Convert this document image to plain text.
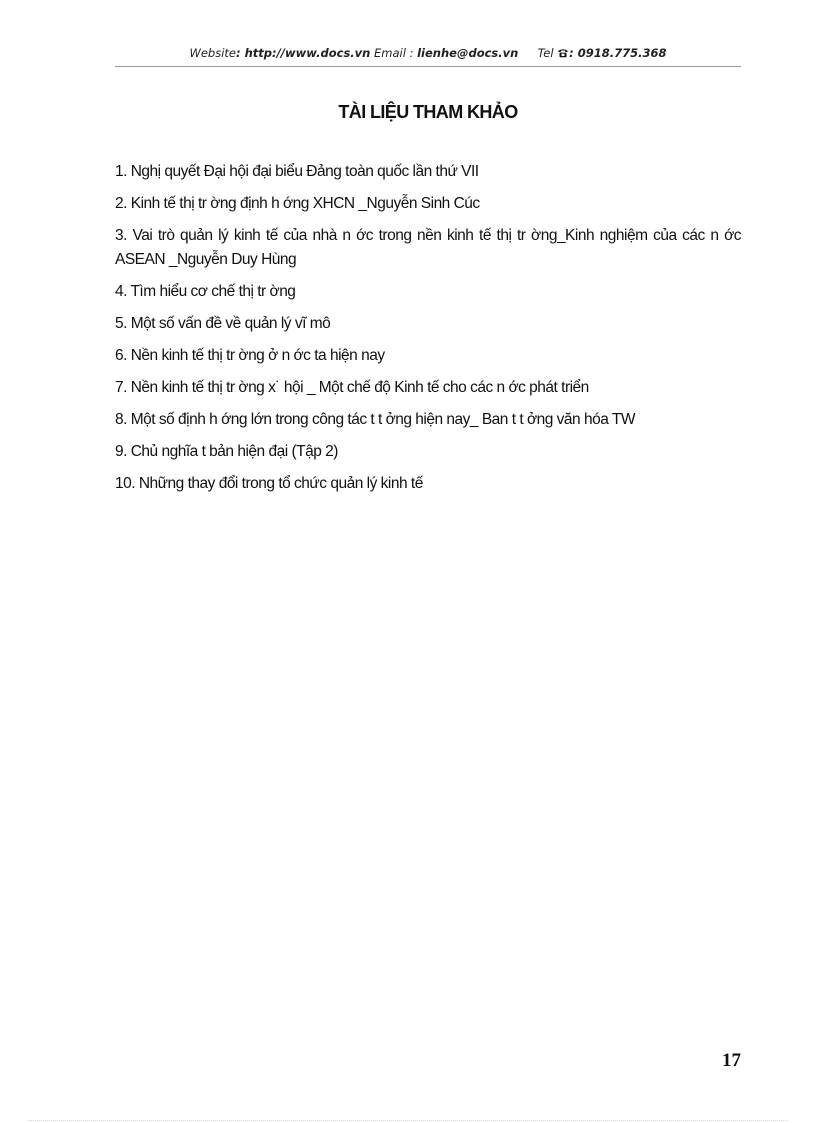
Website: http://www.docs.vn Email : lienhe@docs.vn Tel : 0918.775.368
TÀI LIỆU THAM KHẢO
1. Nghị quyết Đại hội đại biểu Đảng toàn quốc lần thứ VII
2. Kinh tế thị tr ờng định h ớng XHCN _Nguyễn Sinh Cúc
3. Vai trò quản lý kinh tế của nhà n ớc trong nền kinh tế thị tr ờng_Kinh nghiệm của các n ớc ASEAN _Nguyễn Duy Hùng
4. Tìm hiểu cơ chế thị tr ờng
5. Một số vấn đề về quản lý vĩ mô
6. Nền kinh tế thị tr ờng ở n ớc ta hiện nay
7. Nền kinh tế thị tr ờng x˙ hội _ Một chế độ Kinh tế cho các n ớc phát triển
8. Một số định h ớng lớn trong công tác t t ởng hiện nay_ Ban t t ởng văn hóa TW
9. Chủ nghĩa t bản hiện đại (Tập 2)
10. Những thay đổi trong tổ chức quản lý kinh tế
17
